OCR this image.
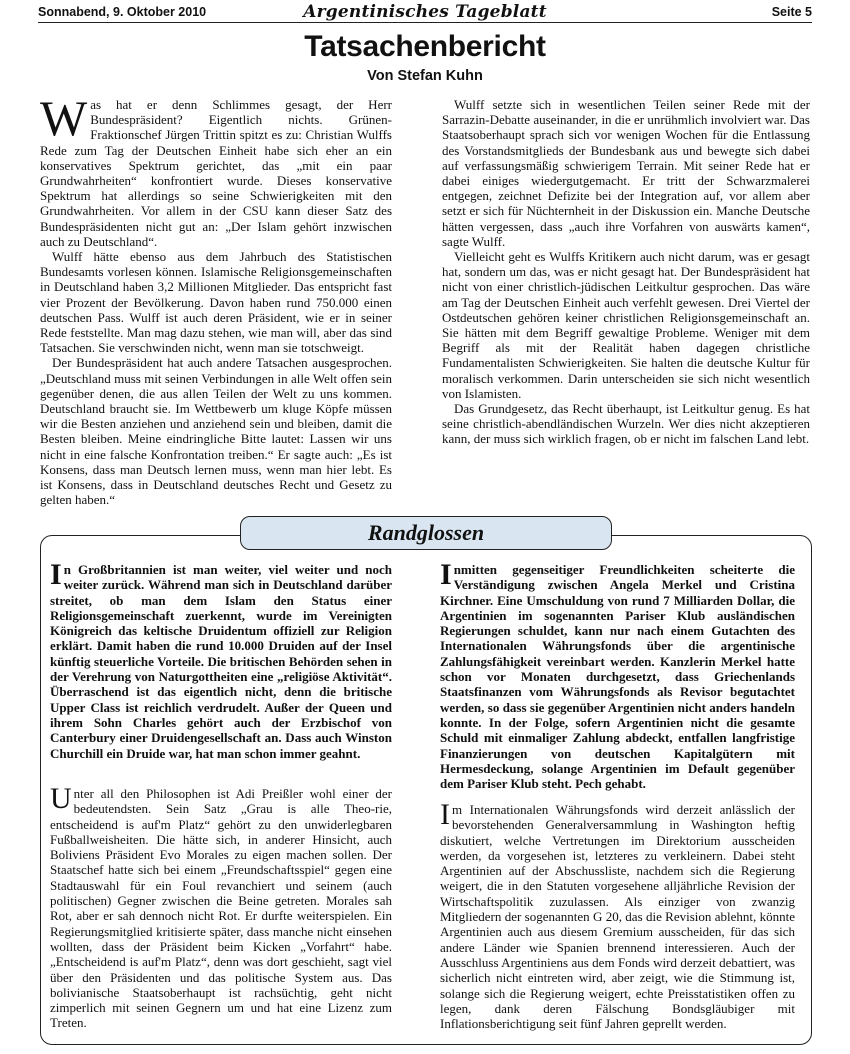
Sonnabend, 9. Oktober 2010	Argentinisches Tageblatt	Seite 5
Tatsachenbericht
Von Stefan Kuhn

Was hat er denn Schlimmes gesagt, der Herr Bundespräsident? Eigentlich nichts. Grünen-Fraktionschef Jürgen Trittin spitzt es zu: Christian Wulffs Rede zum Tag der Deutschen Einheit habe sich eher an ein konservatives Spektrum gerichtet, das „mit ein paar Grundwahrheiten“ konfrontiert wurde. Dieses konservative Spektrum hat allerdings so seine Schwierigkeiten mit den Grundwahrheiten. Vor allem in der CSU kann dieser Satz des Bundespräsidenten nicht gut an: „Der Islam gehört inzwischen auch zu Deutschland“.

Wulff hätte ebenso aus dem Jahrbuch des Statistischen Bundesamts vorlesen können. Islamische Religionsgemeinschaften in Deutschland haben 3,2 Millionen Mitglieder. Das entspricht fast vier Prozent der Bevölkerung. Davon haben rund 750.000 einen deutschen Pass. Wulff ist auch deren Präsident, wie er in seiner Rede feststellte. Man mag dazu stehen, wie man will, aber das sind Tatsachen. Sie verschwinden nicht, wenn man sie totschweigt.

Der Bundespräsident hat auch andere Tatsachen ausgesprochen. „Deutschland muss mit seinen Verbindungen in alle Welt offen sein gegenüber denen, die aus allen Teilen der Welt zu uns kommen. Deutschland braucht sie. Im Wettbewerb um kluge Köpfe müssen wir die Besten anziehen und anziehend sein und bleiben, damit die Besten bleiben. Meine eindringliche Bitte lautet: Lassen wir uns nicht in eine falsche Konfrontation treiben.“ Er sagte auch: „Es ist Konsens, dass man Deutsch lernen muss, wenn man hier lebt. Es ist Konsens, dass in Deutschland deutsches Recht und Gesetz zu gelten haben.“

Wulff setzte sich in wesentlichen Teilen seiner Rede mit der Sarrazin-Debatte auseinander, in die er unrühmlich involviert war. Das Staatsoberhaupt sprach sich vor wenigen Wochen für die Entlassung des Vorstandsmitglieds der Bundesbank aus und bewegte sich dabei auf verfassungsmäßig schwierigem Terrain. Mit seiner Rede hat er dabei einiges wiedergutgemacht. Er tritt der Schwarzmalerei entgegen, zeichnet Defizite bei der Integration auf, vor allem aber setzt er sich für Nüchternheit in der Diskussion ein. Manche Deutsche hätten vergessen, dass „auch ihre Vorfahren von auswärts kamen“, sagte Wulff.

Vielleicht geht es Wulffs Kritikern auch nicht darum, was er gesagt hat, sondern um das, was er nicht gesagt hat. Der Bundespräsident hat nicht von einer christlich-jüdischen Leitkultur gesprochen. Das wäre am Tag der Deutschen Einheit auch verfehlt gewesen. Drei Viertel der Ostdeutschen gehören keiner christlichen Religionsgemeinschaft an. Sie hätten mit dem Begriff gewaltige Probleme. Weniger mit dem Begriff als mit der Realität haben dagegen christliche Fundamentalisten Schwierigkeiten. Sie halten die deutsche Kultur für moralisch verkommen. Darin unterscheiden sie sich nicht wesentlich von Islamisten.

Das Grundgesetz, das Recht überhaupt, ist Leitkultur genug. Es hat seine christlich-abendländischen Wurzeln. Wer dies nicht akzeptieren kann, der muss sich wirklich fragen, ob er nicht im falschen Land lebt.

Randglossen

In Großbritannien ist man weiter, viel weiter und noch weiter zurück. Während man sich in Deutschland darüber streitet, ob man dem Islam den Status einer Religionsgemeinschaft zuerkennt, wurde im Vereinigten Königreich das keltische Druidentum offiziell zur Religion erklärt. Damit haben die rund 10.000 Druiden auf der Insel künftig steuerliche Vorteile. Die britischen Behörden sehen in der Verehrung von Naturgottheiten eine „religiöse Aktivität“. Überraschend ist das eigentlich nicht, denn die britische Upper Class ist reichlich verdrudelt. Außer der Queen und ihrem Sohn Charles gehört auch der Erzbischof von Canterbury einer Druidengesellschaft an. Dass auch Winston Churchill ein Druide war, hat man schon immer geahnt.

Unter all den Philosophen ist Adi Preißler wohl einer der bedeutendsten. Sein Satz „Grau is alle Theo-rie, entscheidend is auf'm Platz“ gehört zu den unwiderlegbaren Fußballweisheiten. Die hätte sich, in anderer Hinsicht, auch Boliviens Präsident Evo Morales zu eigen machen sollen. Der Staatschef hatte sich bei einem „Freundschaftsspiel“ gegen eine Stadtauswahl für ein Foul revanchiert und seinem (auch politischen) Gegner zwischen die Beine getreten. Morales sah Rot, aber er sah dennoch nicht Rot. Er durfte weiterspielen. Ein Regierungsmitglied kritisierte später, dass manche nicht einsehen wollten, dass der Präsident beim Kicken „Vorfahrt“ habe. „Entscheidend is auf'm Platz“, denn was dort geschieht, sagt viel über den Präsidenten und das politische System aus. Das bolivianische Staatsoberhaupt ist rachsüchtig, geht nicht zimperlich mit seinen Gegnern um und hat eine Lizenz zum Treten.

Inmitten gegenseitiger Freundlichkeiten scheiterte die Verständigung zwischen Angela Merkel und Cristina Kirchner. Eine Umschuldung von rund 7 Milliarden Dollar, die Argentinien im sogenannten Pariser Klub ausländischen Regierungen schuldet, kann nur nach einem Gutachten des Internationalen Währungsfonds über die argentinische Zahlungsfähigkeit vereinbart werden. Kanzlerin Merkel hatte schon vor Monaten durchgesetzt, dass Griechenlands Staatsfinanzen vom Währungsfonds als Revisor begutachtet werden, so dass sie gegenüber Argentinien nicht anders handeln konnte. In der Folge, sofern Argentinien nicht die gesamte Schuld mit einmaliger Zahlung abdeckt, entfallen langfristige Finanzierungen von deutschen Kapitalgütern mit Hermesdeckung, solange Argentinien im Default gegenüber dem Pariser Klub steht. Pech gehabt.

Im Internationalen Währungsfonds wird derzeit anlässlich der bevorstehenden Generalversammlung in Washington heftig diskutiert, welche Vertretungen im Direktorium ausscheiden werden, da vorgesehen ist, letzteres zu verkleinern. Dabei steht Argentinien auf der Abschussliste, nachdem sich die Regierung weigert, die in den Statuten vorgesehene alljährliche Revision der Wirtschaftspolitik zuzulassen. Als einziger von zwanzig Mitgliedern der sogenannten G 20, das die Revision ablehnt, könnte Argentinien auch aus diesem Gremium ausscheiden, für das sich andere Länder wie Spanien brennend interessieren. Auch der Ausschluss Argentiniens aus dem Fonds wird derzeit debattiert, was sicherlich nicht eintreten wird, aber zeigt, wie die Stimmung ist, solange sich die Regierung weigert, echte Preisstatistiken offen zu legen, dank deren Fälschung Bondsgläubiger mit Inflationsberichtigung seit fünf Jahren geprellt werden.
